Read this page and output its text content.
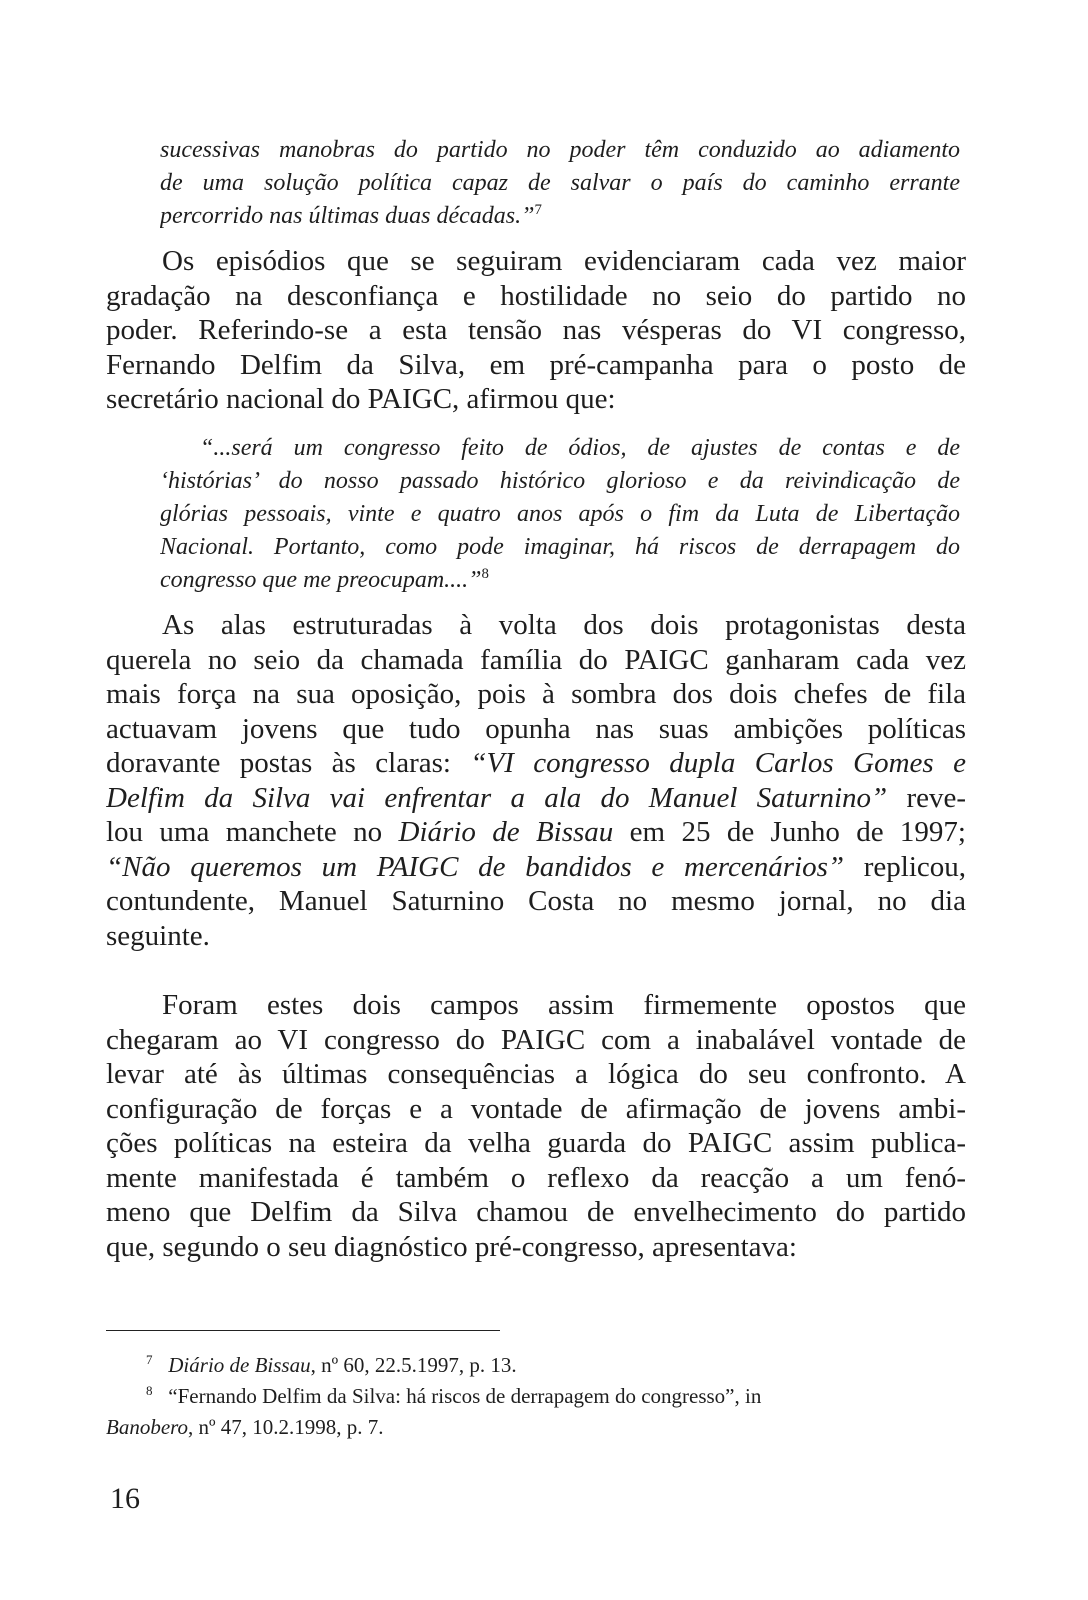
sucessivas manobras do partido no poder têm conduzido ao adiamento
de uma solução política capaz de salvar o país do caminho errante
percorrido nas últimas duas décadas.”$^7$
Os episódios que se seguiram evidenciaram cada vez maior
gradação na desconfiança e hostilidade no seio do partido no
poder. Referindo-se a esta tensão nas vésperas do VI congresso,
Fernando Delfim da Silva, em pré-campanha para o posto de
secretário nacional do PAIGC, afirmou que:
“...será um congresso feito de ódios, de ajustes de contas e de
‘histórias’ do nosso passado histórico glorioso e da reivindicação de
glórias pessoais, vinte e quatro anos após o fim da Luta de Libertação
Nacional. Portanto, como pode imaginar, há riscos de derrapagem do
congresso que me preocupam....”$^8$
As alas estruturadas à volta dos dois protagonistas desta
querela no seio da chamada família do PAIGC ganharam cada vez
mais força na sua oposição, pois à sombra dos dois chefes de fila
actuavam jovens que tudo opunha nas suas ambições políticas
doravante postas às claras: “VI congresso dupla Carlos Gomes e
Delfim da Silva vai enfrentar a ala do Manuel Saturnino” reve-
lou uma manchete no Diário de Bissau em 25 de Junho de 1997;
“Não queremos um PAIGC de bandidos e mercenários” replicou,
contundente, Manuel Saturnino Costa no mesmo jornal, no dia
seguinte.
Foram estes dois campos assim firmemente opostos que
chegaram ao VI congresso do PAIGC com a inabalável vontade de
levar até às últimas consequências a lógica do seu confronto. A
configuração de forças e a vontade de afirmação de jovens ambi-
ções políticas na esteira da velha guarda do PAIGC assim publica-
mente manifestada é também o reflexo da reacção a um fenó-
meno que Delfim da Silva chamou de envelhecimento do partido
que, segundo o seu diagnóstico pré-congresso, apresentava:
$^7$ Diário de Bissau, nº 60, 22.5.1997, p. 13.
$^8$ “Fernando Delfim da Silva: há riscos de derrapagem do congresso”, in
Banobero, nº 47, 10.2.1998, p. 7.
16
